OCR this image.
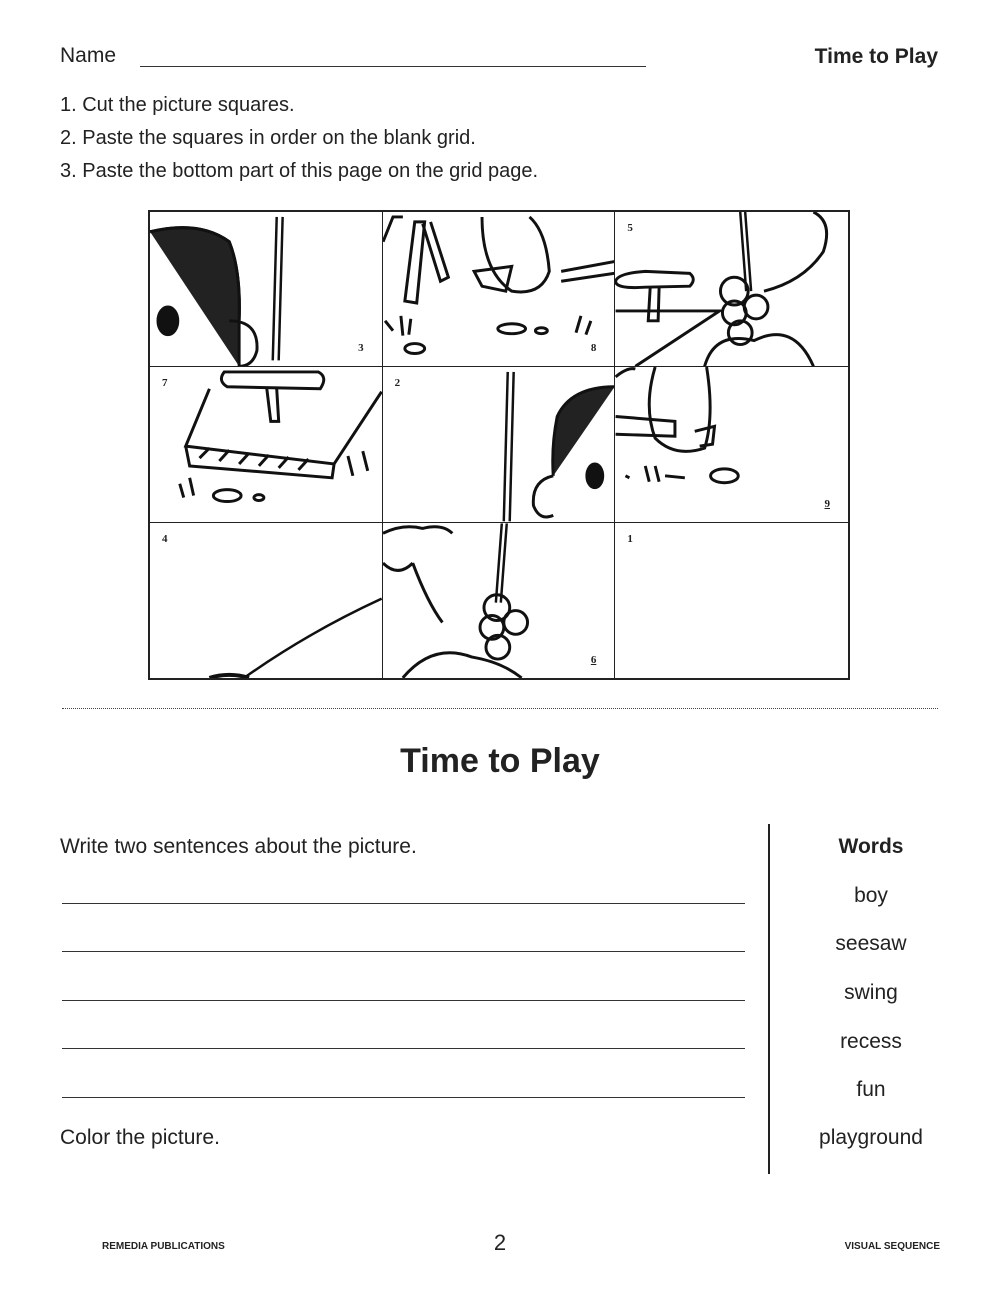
Name	Time to Play
1. Cut the picture squares.
2. Paste the squares in order on the blank grid.
3. Paste the bottom part of this page on the grid page.
3	8
5
7	2
9
4
6
1
Time to Play
Write two sentences about the picture.
Color the picture.
Words
boy
seesaw
swing
recess
fun
playground
REMEDIA PUBLICATIONS	2	VISUAL SEQUENCE
